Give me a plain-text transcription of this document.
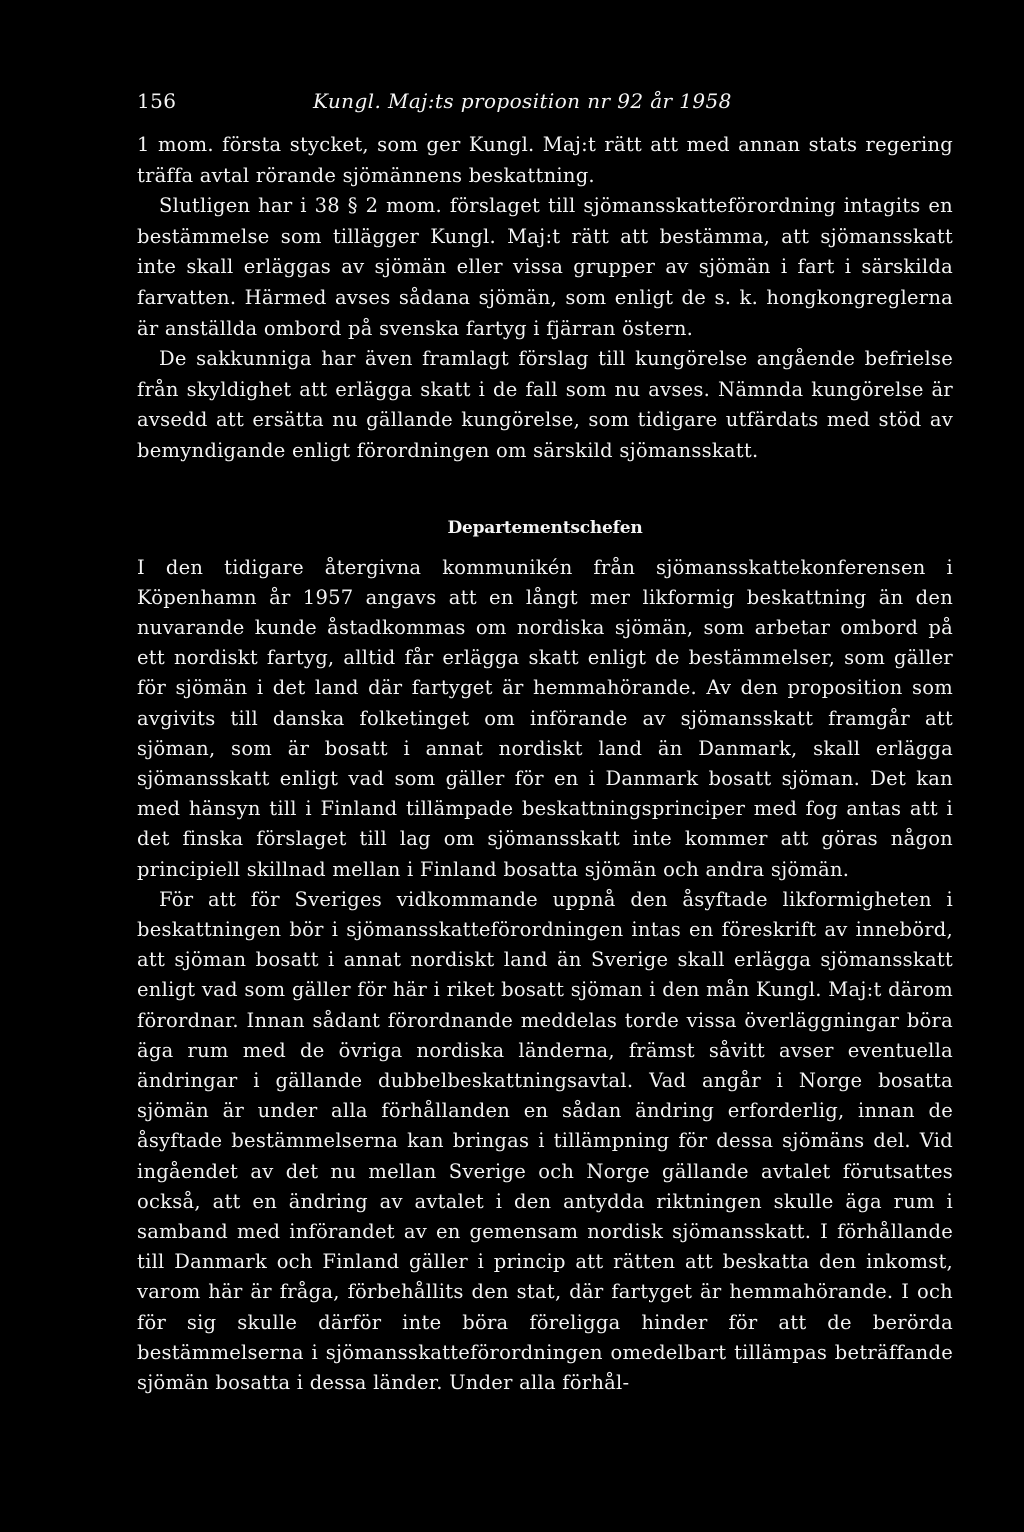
156	Kungl. Maj:ts proposition nr 92 år 1958

1 mom. första stycket, som ger Kungl. Maj:t rätt att med annan stats regering träffa avtal rörande sjömännens beskattning.

Slutligen har i 38 § 2 mom. förslaget till sjömansskatteförordning intagits en bestämmelse som tillägger Kungl. Maj:t rätt att bestämma, att sjömansskatt inte skall erläggas av sjömän eller vissa grupper av sjömän i fart i särskilda farvatten. Härmed avses sådana sjömän, som enligt de s. k. hongkongreglerna är anställda ombord på svenska fartyg i fjärran östern.

De sakkunniga har även framlagt förslag till kungörelse angående befrielse från skyldighet att erlägga skatt i de fall som nu avses. Nämnda kungörelse är avsedd att ersätta nu gällande kungörelse, som tidigare utfärdats med stöd av bemyndigande enligt förordningen om särskild sjömansskatt.

Departementschefen

I den tidigare återgivna kommunikén från sjömansskattekonferensen i Köpenhamn år 1957 angavs att en långt mer likformig beskattning än den nuvarande kunde åstadkommas om nordiska sjömän, som arbetar ombord på ett nordiskt fartyg, alltid får erlägga skatt enligt de bestämmelser, som gäller för sjömän i det land där fartyget är hemmahörande. Av den proposition som avgivits till danska folketinget om införande av sjömansskatt framgår att sjöman, som är bosatt i annat nordiskt land än Danmark, skall erlägga sjömansskatt enligt vad som gäller för en i Danmark bosatt sjöman. Det kan med hänsyn till i Finland tillämpade beskattningsprinciper med fog antas att i det finska förslaget till lag om sjömansskatt inte kommer att göras någon principiell skillnad mellan i Finland bosatta sjömän och andra sjömän.

För att för Sveriges vidkommande uppnå den åsyftade likformigheten i beskattningen bör i sjömansskatteförordningen intas en föreskrift av innebörd, att sjöman bosatt i annat nordiskt land än Sverige skall erlägga sjömansskatt enligt vad som gäller för här i riket bosatt sjöman i den mån Kungl. Maj:t därom förordnar. Innan sådant förordnande meddelas torde vissa överläggningar böra äga rum med de övriga nordiska länderna, främst såvitt avser eventuella ändringar i gällande dubbelbeskattningsavtal. Vad angår i Norge bosatta sjömän är under alla förhållanden en sådan ändring erforderlig, innan de åsyftade bestämmelserna kan bringas i tillämpning för dessa sjömäns del. Vid ingåendet av det nu mellan Sverige och Norge gällande avtalet förutsattes också, att en ändring av avtalet i den antydda riktningen skulle äga rum i samband med införandet av en gemensam nordisk sjömansskatt. I förhållande till Danmark och Finland gäller i princip att rätten att beskatta den inkomst, varom här är fråga, förbehållits den stat, där fartyget är hemmahörande. I och för sig skulle därför inte böra föreligga hinder för att de berörda bestämmelserna i sjömansskatteförordningen omedelbart tillämpas beträffande sjömän bosatta i dessa länder. Under alla förhål-
